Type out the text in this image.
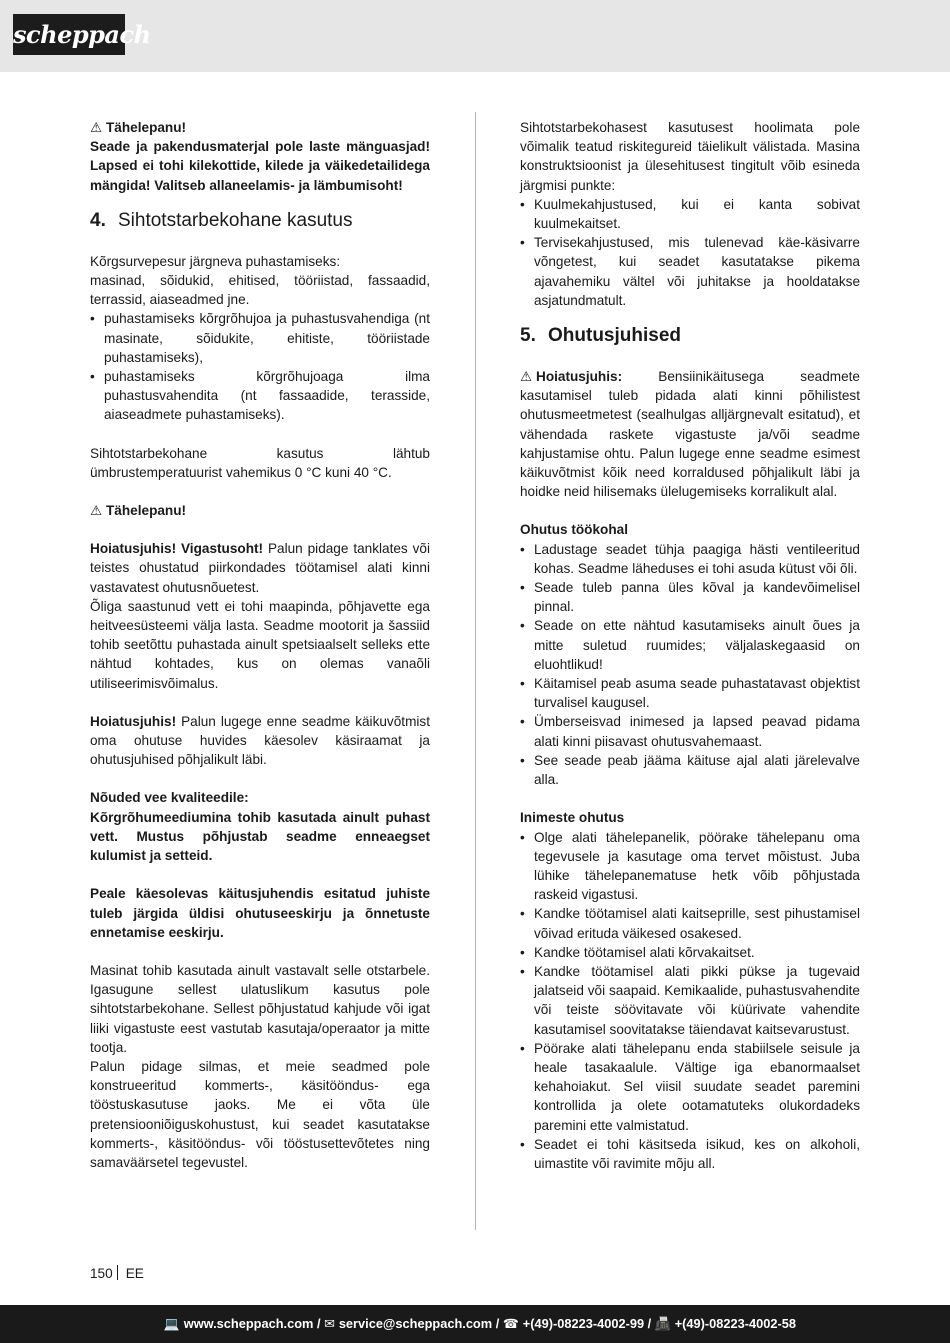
scheppach

⚠ Tähelepanu!

Seade ja pakendusmaterjal pole laste mänguasjad! Lapsed ei tohi kilekottide, kilede ja väikedetailidega mängida! Valitseb allaneelamis- ja lämbumisoht!

4. Sihtotstarbekohane kasutus

Kõrgsurvepesur järgneva puhastamiseks:

masinad, sõidukid, ehitised, tööriistad, fassaadid, terrassid, aiaseadmed jne.

• puhastamiseks kõrgrõhujoa ja puhastusvahendiga (nt masinate, sõidukite, ehitiste, tööriistade puhastamiseks),
• puhastamiseks kõrgrõhujoaga ilma puhastusvahendita (nt fassaadide, terasside, aiaseadmete puhastamiseks).

Sihtotstarbekohane kasutus lähtub ümbrustemperatuurist vahemikus 0 °C kuni 40 °C.

⚠ Tähelepanu!

Hoiatusjuhis! Vigastusoht! Palun pidage tanklates või teistes ohustatud piirkondades töötamisel alati kinni vastavatest ohutusnõuetest.

Õliga saastunud vett ei tohi maapinda, põhjavette ega heitveesüsteemi välja lasta. Seadme mootorit ja šassiid tohib seetõttu puhastada ainult spetsiaalselt selleks ette nähtud kohtades, kus on olemas vanaõli utiliseerimisvõimalus.

Hoiatusjuhis! Palun lugege enne seadme käikuvõtmist oma ohutuse huvides käesolev käsiraamat ja ohutusjuhised põhjalikult läbi.

Nõuded vee kvaliteedile:

Kõrgrõhumeediumina tohib kasutada ainult puhast vett. Mustus põhjustab seadme enneaegset kulumist ja setteid.

Peale käesolevas käitusjuhendis esitatud juhiste tuleb järgida üldisi ohutuseeskirju ja õnnetuste ennetamise eeskirju.

Masinat tohib kasutada ainult vastavalt selle otstarbele. Igasugune sellest ulatuslikum kasutus pole sihtotstarbekohane. Sellest põhjustatud kahjude või igat liiki vigastuste eest vastutab kasutaja/operaator ja mitte tootja.

Palun pidage silmas, et meie seadmed pole konstrueeritud kommerts-, käsitööndus- ega tööstuskasutuse jaoks. Me ei võta üle pretensiooniõiguskohustust, kui seadet kasutatakse kommerts-, käsitööndus- või tööstusettevõtetes ning samaväärsetel tegevustel.

Sihtotstarbekohasest kasutusest hoolimata pole võimalik teatud riskitegureid täielikult välistada. Masina konstruktsioonist ja ülesehitusest tingitult võib esineda järgmisi punkte:

• Kuulmekahjustused, kui ei kanta sobivat kuulmekaitset.
• Tervisekahjustused, mis tulenevad käe-käsivarre võngetest, kui seadet kasutatakse pikema ajavahemiku vältel või juhitakse ja hooldatakse asjatundmatult.
5. Ohutusjuhised

⚠ Hoiatusjuhis: Bensiinikäitusega seadmete kasutamisel tuleb pidada alati kinni põhilistest ohutusmeetmetest (sealhulgas alljärgnevalt esitatud), et vähendada raskete vigastuste ja/või seadme kahjustamise ohtu. Palun lugege enne seadme esimest käikuvõtmist kõik need korraldused põhjalikult läbi ja hoidke neid hilisemaks ülelugemiseks korralikult alal.

Ohutus töökohal

• Ladustage seadet tühja paagiga hästi ventileeritud kohas. Seadme läheduses ei tohi asuda kütust või õli.
• Seade tuleb panna üles kõval ja kandevõimelisel pinnal.
• Seade on ette nähtud kasutamiseks ainult õues ja mitte suletud ruumides; väljalaskegaasid on eluohtlikud!
• Käitamisel peab asuma seade puhastatavast objektist turvalisel kaugusel.
• Ümberseisvad inimesed ja lapsed peavad pidama alati kinni piisavast ohutusvahemaast.
• See seade peab jääma käituse ajal alati järelevalve alla.

Inimeste ohutus

• Olge alati tähelepanelik, pöörake tähelepanu oma tegevusele ja kasutage oma tervet mõistust. Juba lühike tähelepanematuse hetk võib põhjustada raskeid vigastusi.
• Kandke töötamisel alati kaitseprille, sest pihustamisel võivad erituda väikesed osakesed.
• Kandke töötamisel alati kõrvakaitset.
• Kandke töötamisel alati pikki pükse ja tugevaid jalatseid või saapaid. Kemikaalide, puhastusvahendite või teiste söövitavate või küürivate vahendite kasutamisel soovitatakse täiendavat kaitsevarustust.
• Pöörake alati tähelepanu enda stabiilsele seisule ja heale tasakaalule. Vältige iga ebanormaalset kehahoiakut. Sel viisil suudate seadet paremini kontrollida ja olete ootamatuteks olukordadeks paremini ette valmistatud.
• Seadet ei tohi käsitseda isikud, kes on alkoholi, uimastite või ravimite mõju all.
150 EE
💻 www.scheppach.com / ✉ service@scheppach.com / ☎ +(49)-08223-4002-99 / 📠 +(49)-08223-4002-58
